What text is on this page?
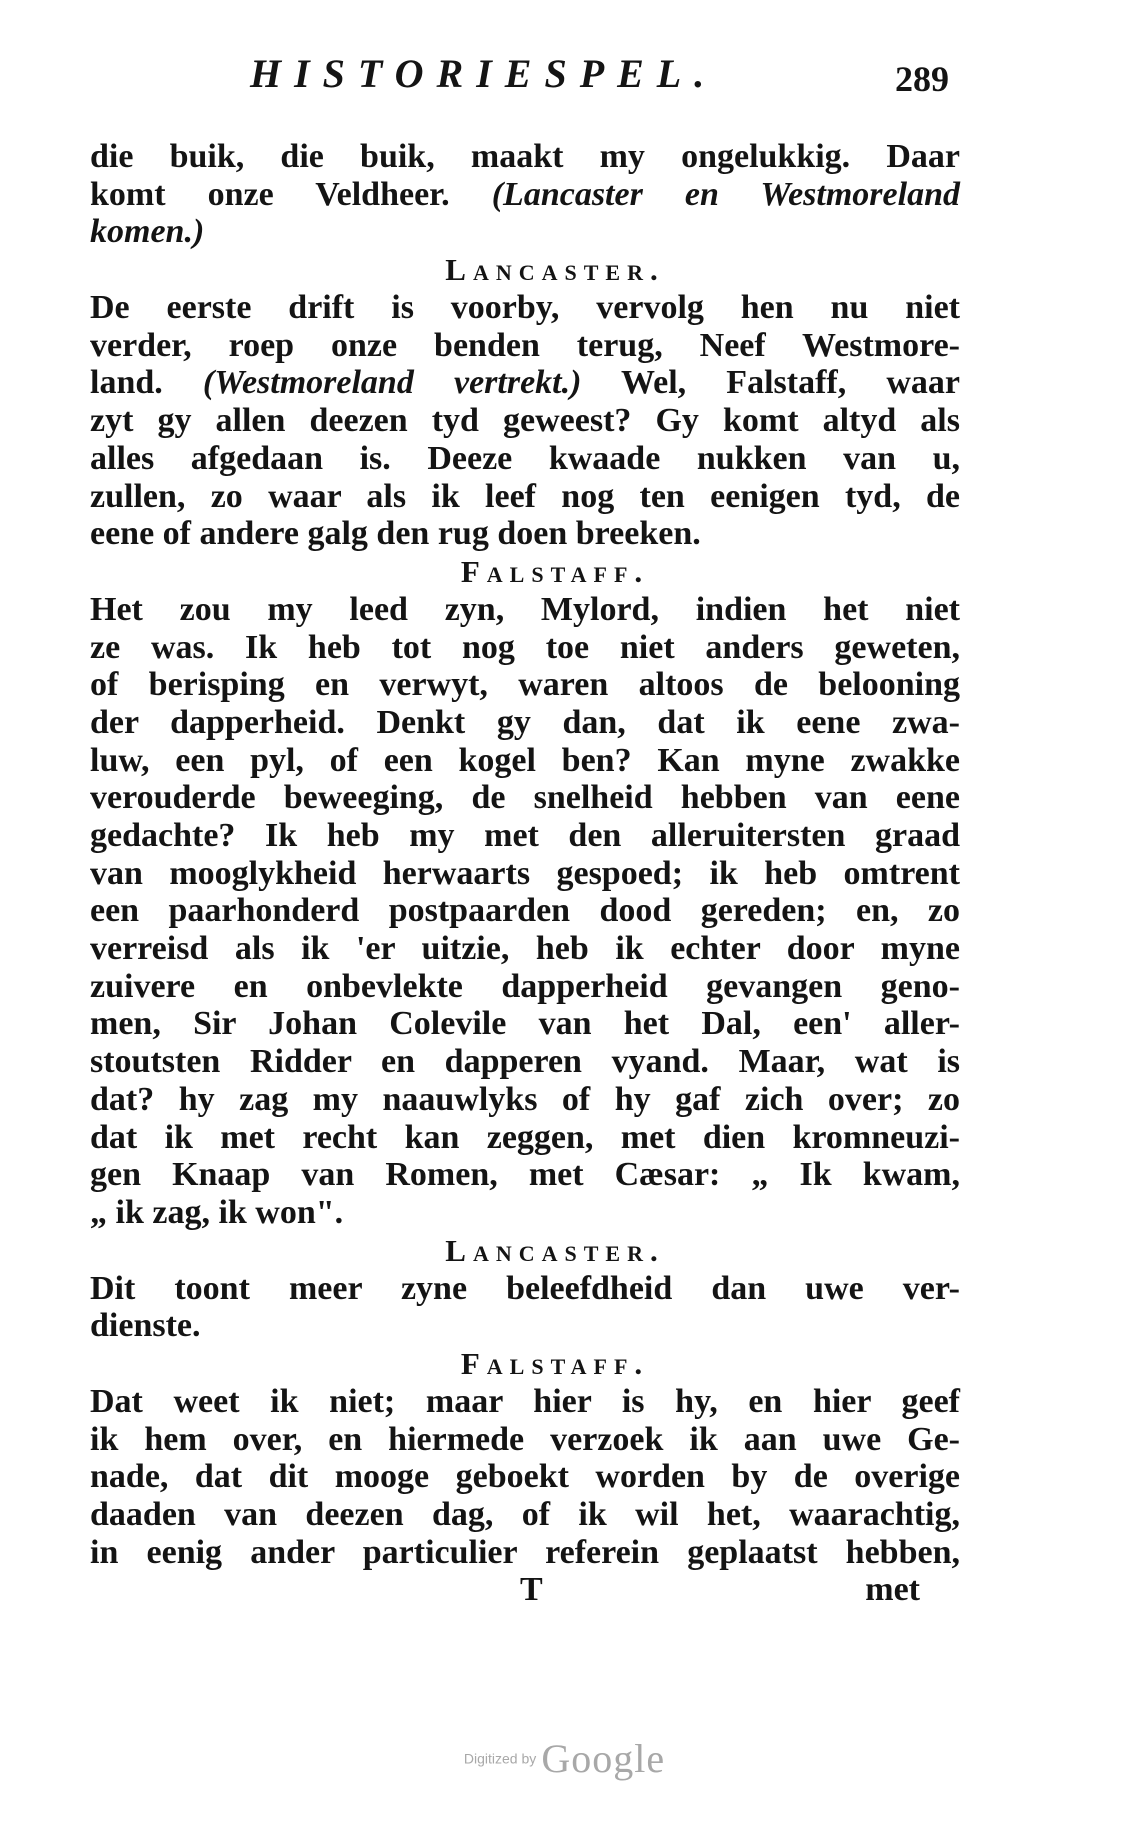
HISTORIESPEL.	289
die buik, die buik, maakt my ongelukkig. Daar
komt onze Veldheer. (Lancaster en Westmoreland
komen.)
Lancaster.
De eerste drift is voorby, vervolg hen nu niet
verder, roep onze benden terug, Neef Westmore-
land. (Westmoreland vertrekt.) Wel, Falstaff, waar
zyt gy allen deezen tyd geweest? Gy komt altyd als
alles afgedaan is. Deeze kwaade nukken van u,
zullen, zo waar als ik leef nog ten eenigen tyd, de
eene of andere galg den rug doen breeken.
Falstaff.
Het zou my leed zyn, Mylord, indien het niet
ze was. Ik heb tot nog toe niet anders geweten,
of berisping en verwyt, waren altoos de belooning
der dapperheid. Denkt gy dan, dat ik eene zwa-
luw, een pyl, of een kogel ben? Kan myne zwakke
verouderde beweeging, de snelheid hebben van eene
gedachte? Ik heb my met den alleruitersten graad
van mooglykheid herwaarts gespoed; ik heb omtrent
een paarhonderd postpaarden dood gereden; en, zo
verreisd als ik 'er uitzie, heb ik echter door myne
zuivere en onbevlekte dapperheid gevangen geno-
men, Sir Johan Colevile van het Dal, een' aller-
stoutsten Ridder en dapperen vyand. Maar, wat is
dat? hy zag my naauwlyks of hy gaf zich over; zo
dat ik met recht kan zeggen, met dien kromneuzi-
gen Knaap van Romen, met Cæsar: „ Ik kwam,
„ ik zag, ik won".
Lancaster.
Dit toont meer zyne beleefdheid dan uwe ver-
dienste.
Falstaff.
Dat weet ik niet; maar hier is hy, en hier geef
ik hem over, en hiermede verzoek ik aan uwe Ge-
nade, dat dit mooge geboekt worden by de overige
daaden van deezen dag, of ik wil het, waarachtig,
in eenig ander particulier referein geplaatst hebben,
T	met
Digitized by Google
